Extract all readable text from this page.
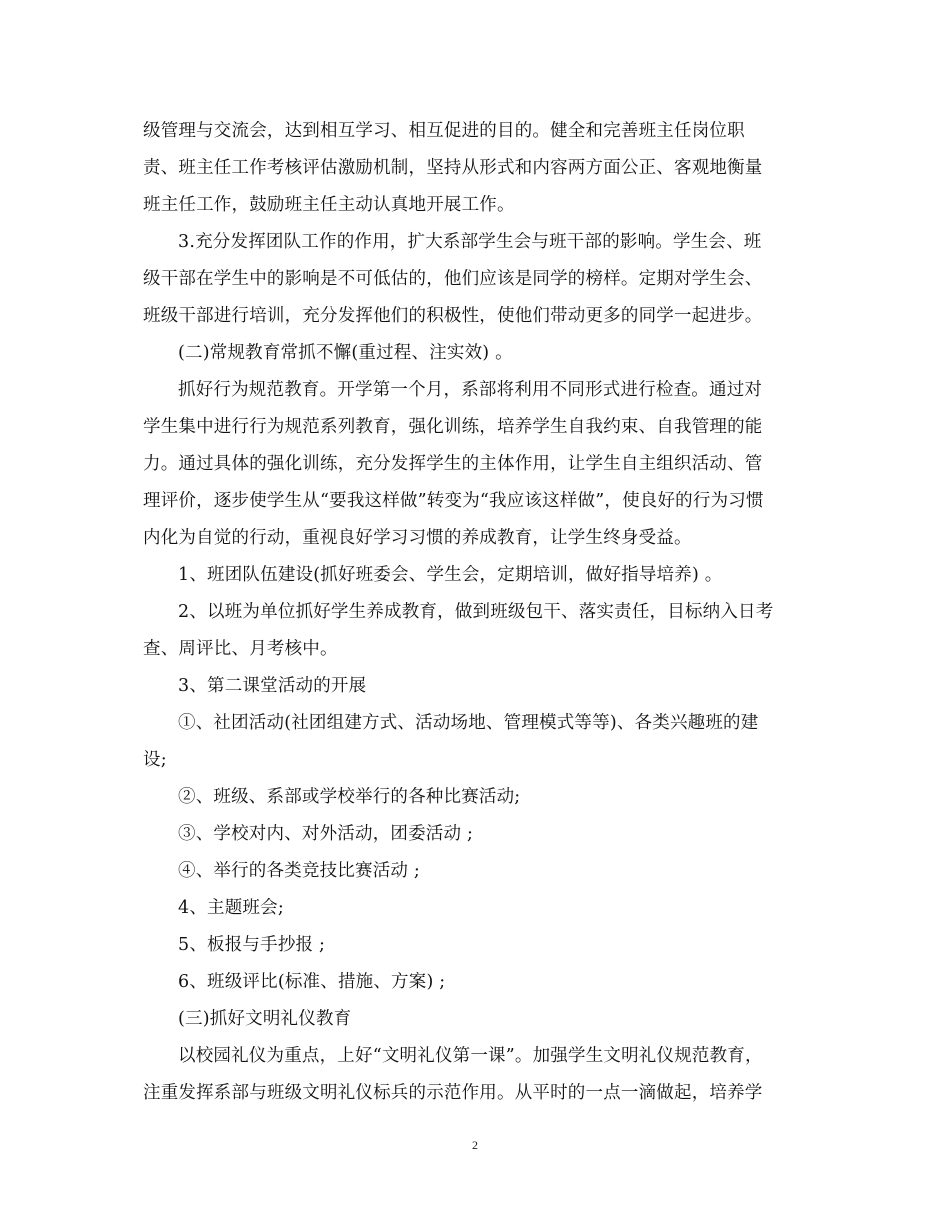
级管理与交流会，达到相互学习、相互促进的目的。健全和完善班主任岗位职
责、班主任工作考核评估激励机制，坚持从形式和内容两方面公正、客观地衡量
班主任工作，鼓励班主任主动认真地开展工作。
3.充分发挥团队工作的作用，扩大系部学生会与班干部的影响。学生会、班
级干部在学生中的影响是不可低估的，他们应该是同学的榜样。定期对学生会、
班级干部进行培训，充分发挥他们的积极性，使他们带动更多的同学一起进步。
(二)常规教育常抓不懈(重过程、注实效) 。
抓好行为规范教育。开学第一个月，系部将利用不同形式进行检查。通过对
学生集中进行行为规范系列教育，强化训练，培养学生自我约束、自我管理的能
力。通过具体的强化训练，充分发挥学生的主体作用，让学生自主组织活动、管
理评价，逐步使学生从“要我这样做”转变为“我应该这样做”，使良好的行为习惯
内化为自觉的行动，重视良好学习习惯的养成教育，让学生终身受益。
1、班团队伍建设(抓好班委会、学生会，定期培训，做好指导培养) 。
2、以班为单位抓好学生养成教育，做到班级包干、落实责任，目标纳入日考
查、周评比、月考核中。
3、第二课堂活动的开展
①、社团活动(社团组建方式、活动场地、管理模式等等)、各类兴趣班的建
设;
②、班级、系部或学校举行的各种比赛活动;
③、学校对内、对外活动，团委活动 ;
④、举行的各类竞技比赛活动 ;
4、主题班会;
5、板报与手抄报 ;
6、班级评比(标准、措施、方案) ;
(三)抓好文明礼仪教育
以校园礼仪为重点，上好“文明礼仪第一课”。加强学生文明礼仪规范教育，
注重发挥系部与班级文明礼仪标兵的示范作用。从平时的一点一滴做起，培养学
2
